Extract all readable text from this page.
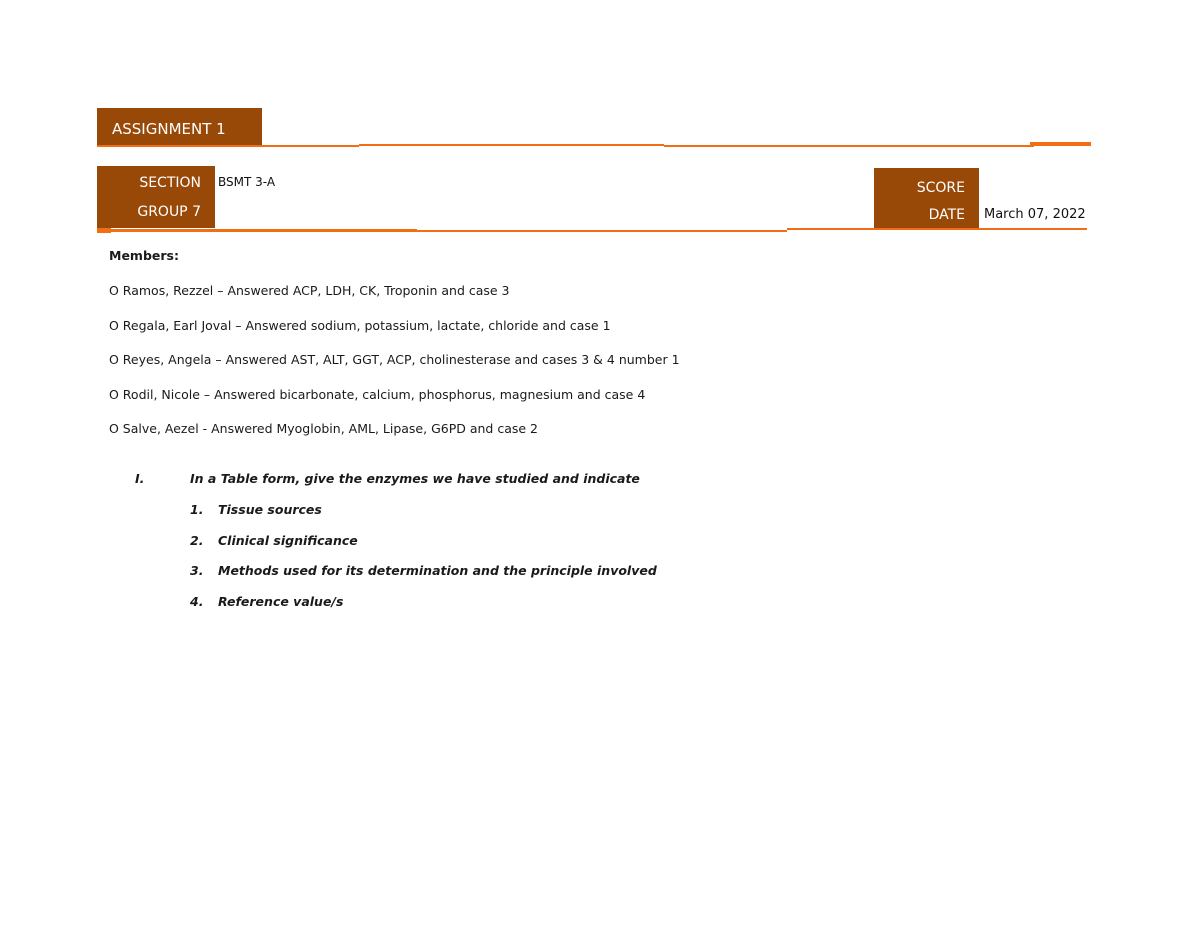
ASSIGNMENT 1
SECTION
GROUP 7
BSMT 3-A	SCORE
DATE March 07, 2022
Members:
O Ramos, Rezzel – Answered ACP, LDH, CK, Troponin and case 3
O Regala, Earl Joval – Answered sodium, potassium, lactate, chloride and case 1
O Reyes, Angela – Answered AST, ALT, GGT, ACP, cholinesterase and cases 3 & 4 number 1
O Rodil, Nicole – Answered bicarbonate, calcium, phosphorus, magnesium and case 4
O Salve, Aezel - Answered Myoglobin, AML, Lipase, G6PD and case 2
I.	In a Table form, give the enzymes we have studied and indicate
1. Tissue sources
2. Clinical significance
3. Methods used for its determination and the principle involved
4. Reference value/s
